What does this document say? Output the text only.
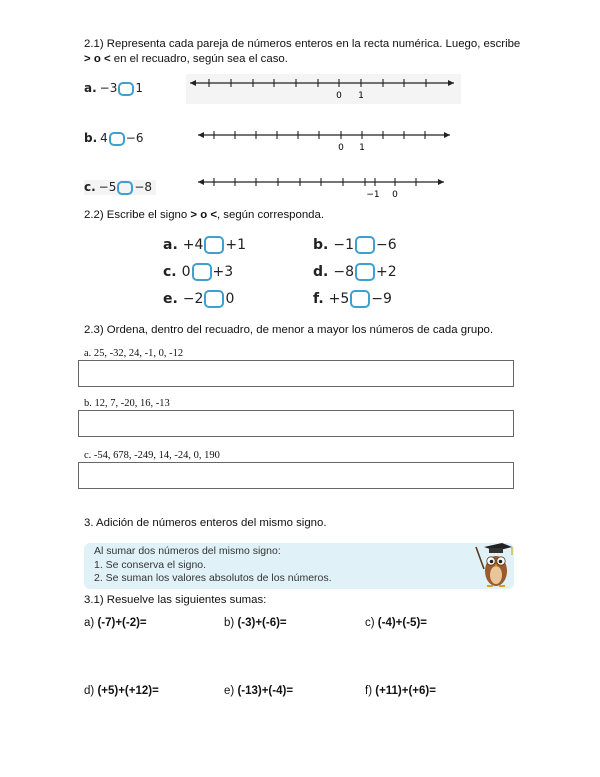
2.1) Representa cada pareja de números enteros en la recta numérica. Luego, escribe
> o < en el recuadro, según sea el caso.
a. −3 1
0 1
b. 4 −6
0 1
c. −5 −8
−1 0
2.2) Escribe el signo > o <, según corresponda.
a. +4 +1	b. −1 −6
c. 0 +3	d. −8 +2
e. −2 0	f. +5 −9
2.3) Ordena, dentro del recuadro, de menor a mayor los números de cada grupo.
a. 25, -32, 24, -1, 0, -12
b. 12, 7, -20, 16, -13
c. -54, 678, -249, 14, -24, 0, 190
3. Adición de números enteros del mismo signo.
Al sumar dos números del mismo signo:
1. Se conserva el signo.
2. Se suman los valores absolutos de los números.
3.1) Resuelve las siguientes sumas:
a) (-7)+(-2)=	b) (-3)+(-6)=	c) (-4)+(-5)=
d) (+5)+(+12)=	e) (-13)+(-4)=	f) (+11)+(+6)=
